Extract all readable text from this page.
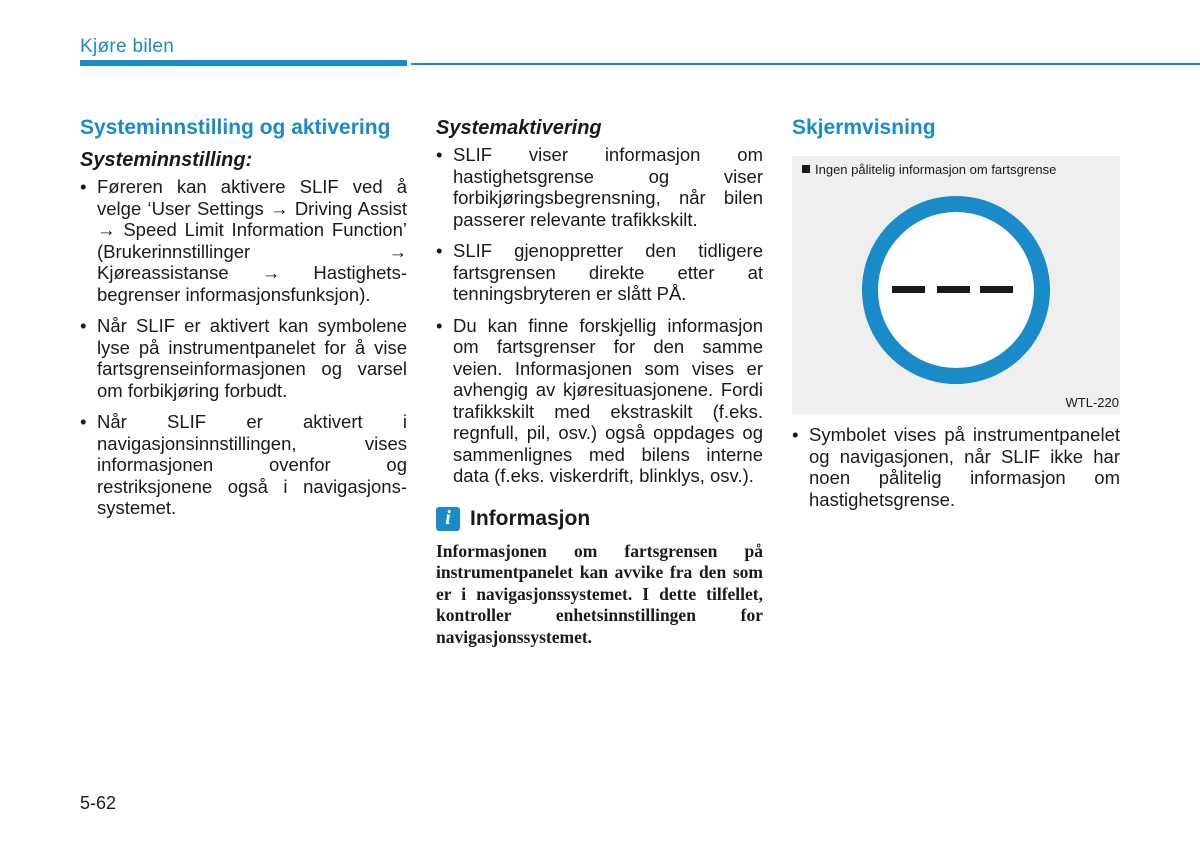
Kjøre bilen
Systeminnstilling og aktivering
Systeminnstilling:
• Føreren kan aktivere SLIF ved å velge ‘User Settings → Driving Assist → Speed Limit Information Function’ (Brukerinnstillinger → Kjøreassistanse → Hastighetsbegrenser informasjonsfunksjon).
• Når SLIF er aktivert kan symbolene lyse på instrumentpanelet for å vise fartsgrenseinformasjonen og varsel om forbikjøring forbudt.
• Når SLIF er aktivert i navigasjonsinnstillingen, vises informasjonen ovenfor og restriksjonene også i navigasjonssystemet.
Systemaktivering
• SLIF viser informasjon om hastighetsgrense og viser forbikjøringsbegrensning, når bilen passerer relevante trafikkskilt.
• SLIF gjenoppretter den tidligere fartsgrensen direkte etter at tenningsbryteren er slått PÅ.
• Du kan finne forskjellig informasjon om fartsgrenser for den samme veien. Informasjonen som vises er avhengig av kjøresituasjonene. Fordi trafikkskilt med ekstraskilt (f.eks. regnfull, pil, osv.) også oppdages og sammenlignes med bilens interne data (f.eks. viskerdrift, blinklys, osv.).
i Informasjon
Informasjonen om fartsgrensen på instrumentpanelet kan avvike fra den som er i navigasjonssystemet. I dette tilfellet, kontroller enhetsinnstillingen for navigasjonssystemet.
Skjermvisning
Ingen pålitelig informasjon om fartsgrense
WTL-220
• Symbolet vises på instrumentpanelet og navigasjonen, når SLIF ikke har noen pålitelig informasjon om hastighetsgrense.
5-62
